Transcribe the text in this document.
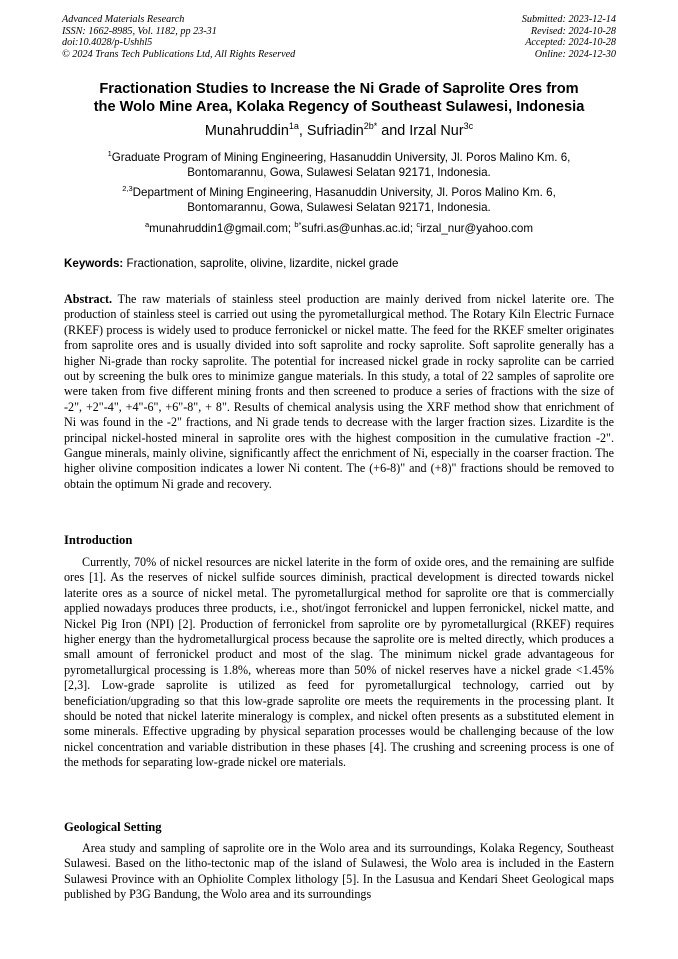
Advanced Materials Research
ISSN: 1662-8985, Vol. 1182, pp 23-31
doi:10.4028/p-Ushhl5
© 2024 Trans Tech Publications Ltd, All Rights Reserved
Submitted: 2023-12-14
Revised: 2024-10-28
Accepted: 2024-10-28
Online: 2024-12-30
Fractionation Studies to Increase the Ni Grade of Saprolite Ores from
the Wolo Mine Area, Kolaka Regency of Southeast Sulawesi, Indonesia
Munahruddin$^{1a}$, Sufriadin$^{2b*}$ and Irzal Nur$^{3c}$
$^1$Graduate Program of Mining Engineering, Hasanuddin University, Jl. Poros Malino Km. 6,
Bontomarannu, Gowa, Sulawesi Selatan 92171, Indonesia.
$^{2,3}$Department of Mining Engineering, Hasanuddin University, Jl. Poros Malino Km. 6,
Bontomarannu, Gowa, Sulawesi Selatan 92171, Indonesia.
$^a$munahruddin1@gmail.com; $^{b*}$sufri.as@unhas.ac.id; $^c$irzal_nur@yahoo.com
Keywords: Fractionation, saprolite, olivine, lizardite, nickel grade
Abstract. The raw materials of stainless steel production are mainly derived from nickel laterite ore. The production of stainless steel is carried out using the pyrometallurgical method. The Rotary Kiln Electric Furnace (RKEF) process is widely used to produce ferronickel or nickel matte. The feed for the RKEF smelter originates from saprolite ores and is usually divided into soft saprolite and rocky saprolite. Soft saprolite generally has a higher Ni-grade than rocky saprolite. The potential for increased nickel grade in rocky saprolite can be carried out by screening the bulk ores to minimize gangue materials. In this study, a total of 22 samples of saprolite ore were taken from five different mining fronts and then screened to produce a series of fractions with the size of -2", +2"-4", +4"-6", +6"-8", + 8". Results of chemical analysis using the XRF method show that enrichment of Ni was found in the -2" fractions, and Ni grade tends to decrease with the larger fraction sizes. Lizardite is the principal nickel-hosted mineral in saprolite ores with the highest composition in the cumulative fraction -2". Gangue minerals, mainly olivine, significantly affect the enrichment of Ni, especially in the coarser fraction. The higher olivine composition indicates a lower Ni content. The (+6-8)" and (+8)" fractions should be removed to obtain the optimum Ni grade and recovery.
Introduction
Currently, 70% of nickel resources are nickel laterite in the form of oxide ores, and the remaining are sulfide ores [1]. As the reserves of nickel sulfide sources diminish, practical development is directed towards nickel laterite ores as a source of nickel metal. The pyrometallurgical method for saprolite ore that is commercially applied nowadays produces three products, i.e., shot/ingot ferronickel and luppen ferronickel, nickel matte, and Nickel Pig Iron (NPI) [2]. Production of ferronickel from saprolite ore by pyrometallurgical (RKEF) requires higher energy than the hydrometallurgical process because the saprolite ore is melted directly, which produces a small amount of ferronickel product and most of the slag. The minimum nickel grade advantageous for pyrometallurgical processing is 1.8%, whereas more than 50% of nickel reserves have a nickel grade <1.45% [2,3]. Low-grade saprolite is utilized as feed for pyrometallurgical technology, carried out by beneficiation/upgrading so that this low-grade saprolite ore meets the requirements in the processing plant. It should be noted that nickel laterite mineralogy is complex, and nickel often presents as a substituted element in some minerals. Effective upgrading by physical separation processes would be challenging because of the low nickel concentration and variable distribution in these phases [4]. The crushing and screening process is one of the methods for separating low-grade nickel ore materials.
Geological Setting
Area study and sampling of saprolite ore in the Wolo area and its surroundings, Kolaka Regency, Southeast Sulawesi. Based on the litho-tectonic map of the island of Sulawesi, the Wolo area is included in the Eastern Sulawesi Province with an Ophiolite Complex lithology [5]. In the Lasusua and Kendari Sheet Geological maps published by P3G Bandung, the Wolo area and its surroundings
